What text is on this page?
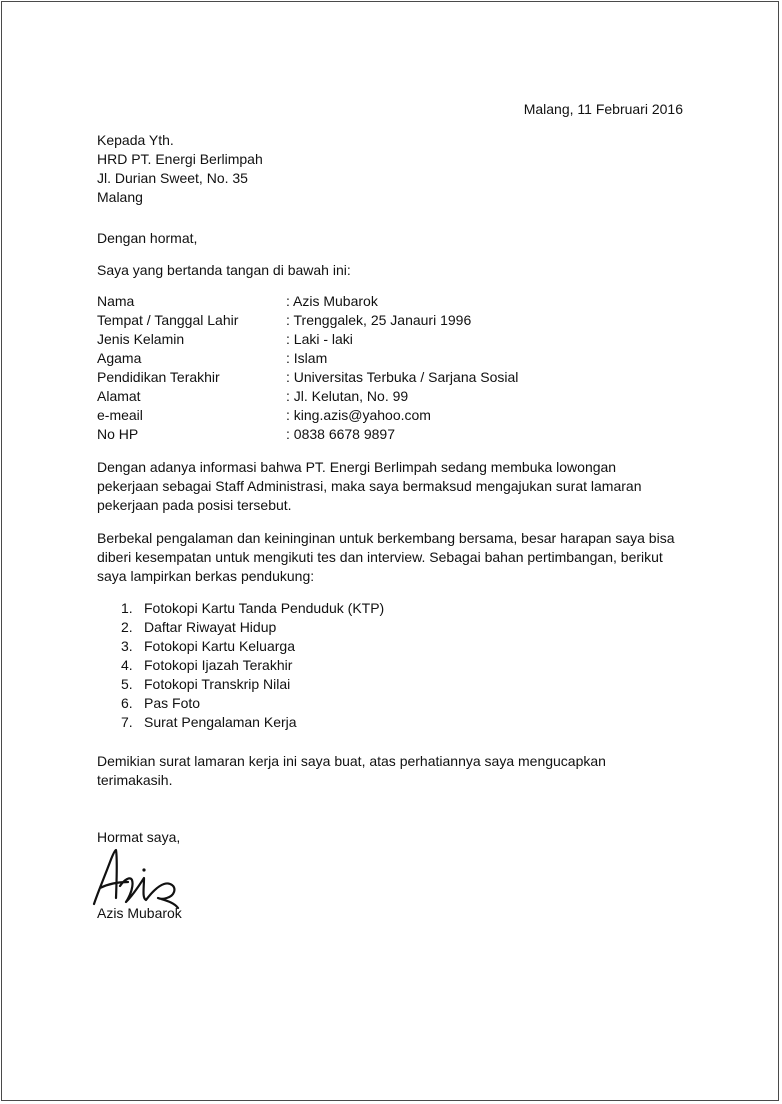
Malang, 11 Februari 2016

Kepada Yth.
HRD PT. Energi Berlimpah
Jl. Durian Sweet, No. 35
Malang

Dengan hormat,

Saya yang bertanda tangan di bawah ini:

Nama	: Azis Mubarok
Tempat / Tanggal Lahir	: Trenggalek, 25 Janauri 1996
Jenis Kelamin	: Laki - laki
Agama	: Islam
Pendidikan Terakhir	: Universitas Terbuka / Sarjana Sosial
Alamat	: Jl. Kelutan, No. 99
e-meail	: king.azis@yahoo.com
No HP	: 0838 6678 9897
Dengan adanya informasi bahwa PT. Energi Berlimpah sedang membuka lowongan
pekerjaan sebagai Staff Administrasi, maka saya bermaksud mengajukan surat lamaran
pekerjaan pada posisi tersebut.
Berbekal pengalaman dan keininginan untuk berkembang bersama, besar harapan saya bisa
diberi kesempatan untuk mengikuti tes dan interview. Sebagai bahan pertimbangan, berikut
saya lampirkan berkas pendukung:
1. Fotokopi Kartu Tanda Penduduk (KTP)
2. Daftar Riwayat Hidup
3. Fotokopi Kartu Keluarga
4. Fotokopi Ijazah Terakhir
5. Fotokopi Transkrip Nilai
6. Pas Foto
7. Surat Pengalaman Kerja
Demikian surat lamaran kerja ini saya buat, atas perhatiannya saya mengucapkan
terimakasih.

Hormat saya,

Azis Mubarok
